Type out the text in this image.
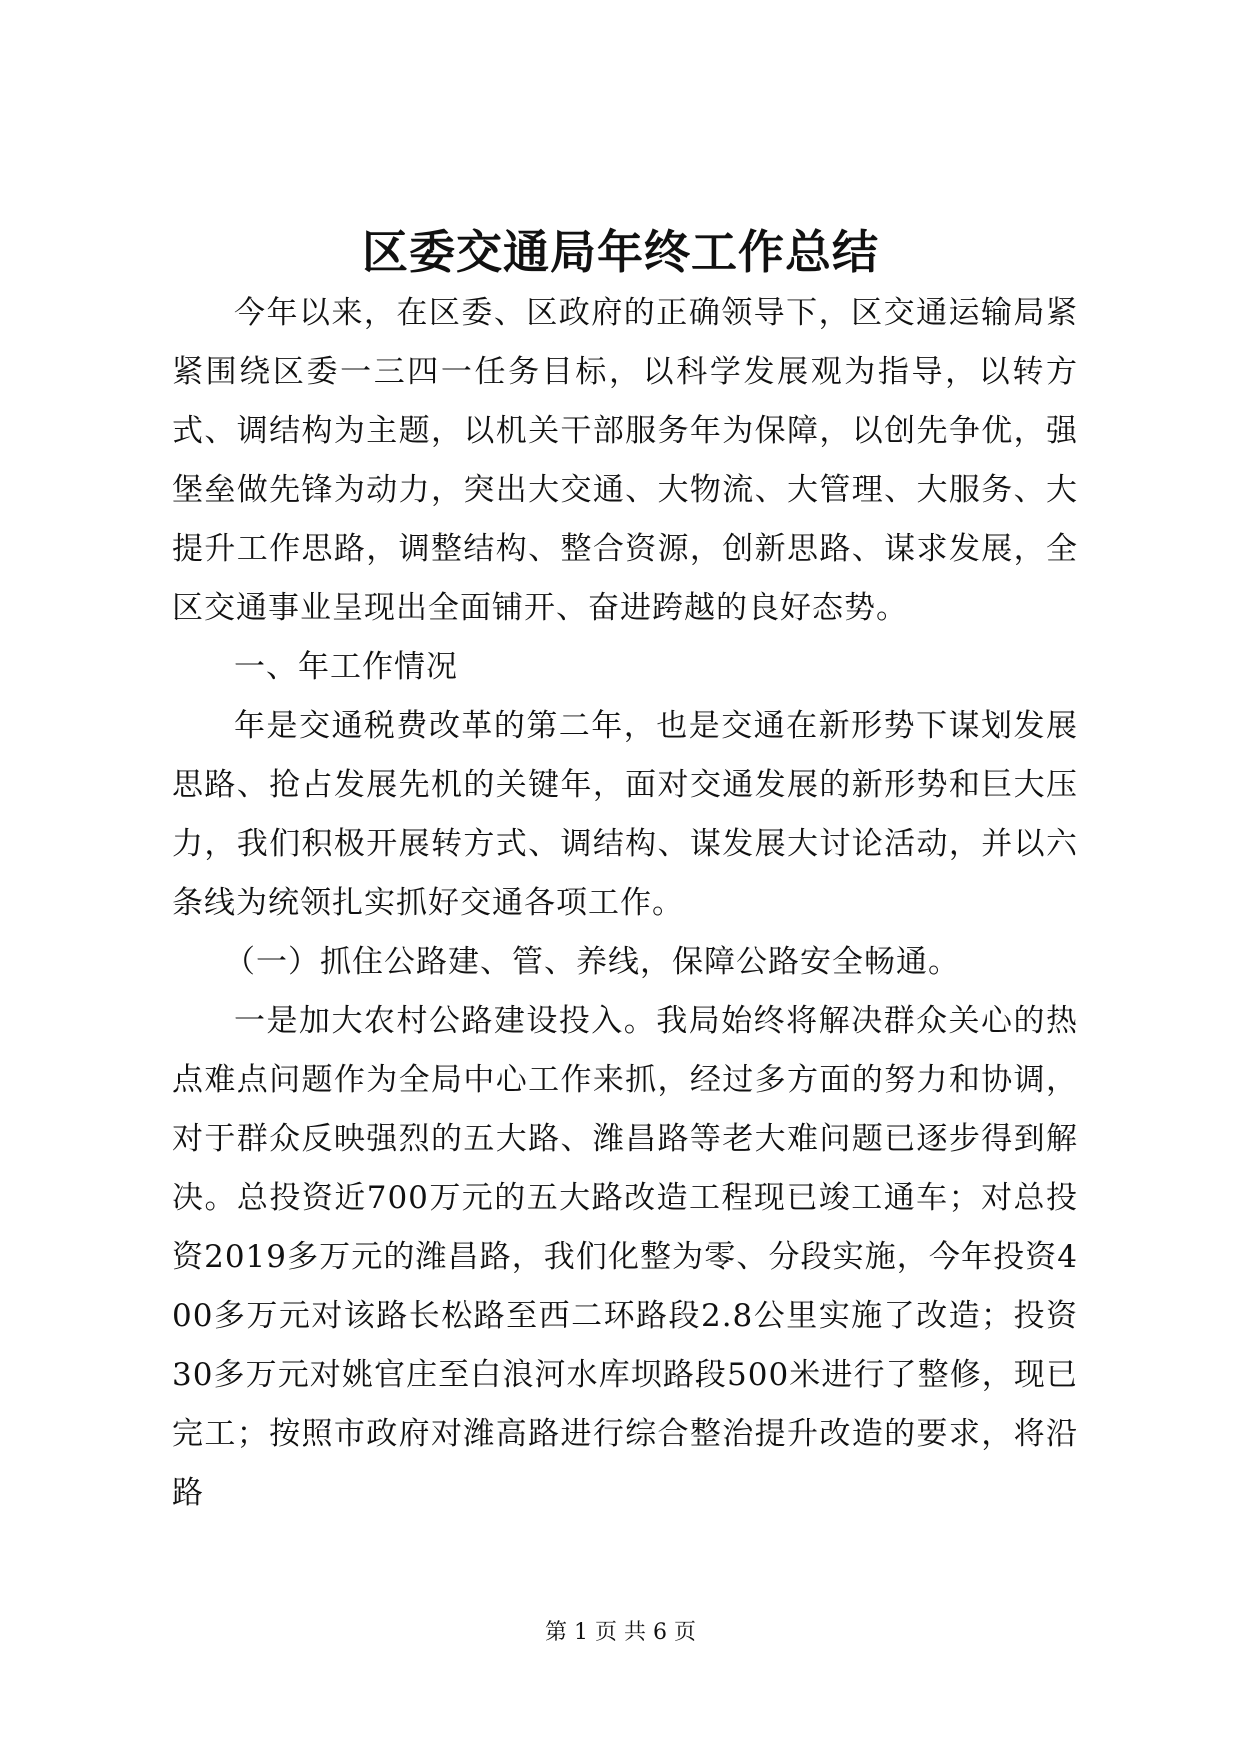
区委交通局年终工作总结

今年以来，在区委、区政府的正确领导下，区交通运输局紧紧围绕区委一三四一任务目标，以科学发展观为指导，以转方式、调结构为主题，以机关干部服务年为保障，以创先争优，强堡垒做先锋为动力，突出大交通、大物流、大管理、大服务、大提升工作思路，调整结构、整合资源，创新思路、谋求发展，全区交通事业呈现出全面铺开、奋进跨越的良好态势。

一、年工作情况

年是交通税费改革的第二年，也是交通在新形势下谋划发展思路、抢占发展先机的关键年，面对交通发展的新形势和巨大压力，我们积极开展转方式、调结构、谋发展大讨论活动，并以六条线为统领扎实抓好交通各项工作。

（一）抓住公路建、管、养线，保障公路安全畅通。

一是加大农村公路建设投入。我局始终将解决群众关心的热点难点问题作为全局中心工作来抓，经过多方面的努力和协调，对于群众反映强烈的五大路、潍昌路等老大难问题已逐步得到解决。总投资近700万元的五大路改造工程现已竣工通车；对总投资2019多万元的潍昌路，我们化整为零、分段实施，今年投资400多万元对该路长松路至西二环路段2.8公里实施了改造；投资30多万元对姚官庄至白浪河水库坝路段500米进行了整修，现已完工；按照市政府对潍高路进行综合整治提升改造的要求，将沿路

第 1 页 共 6 页
